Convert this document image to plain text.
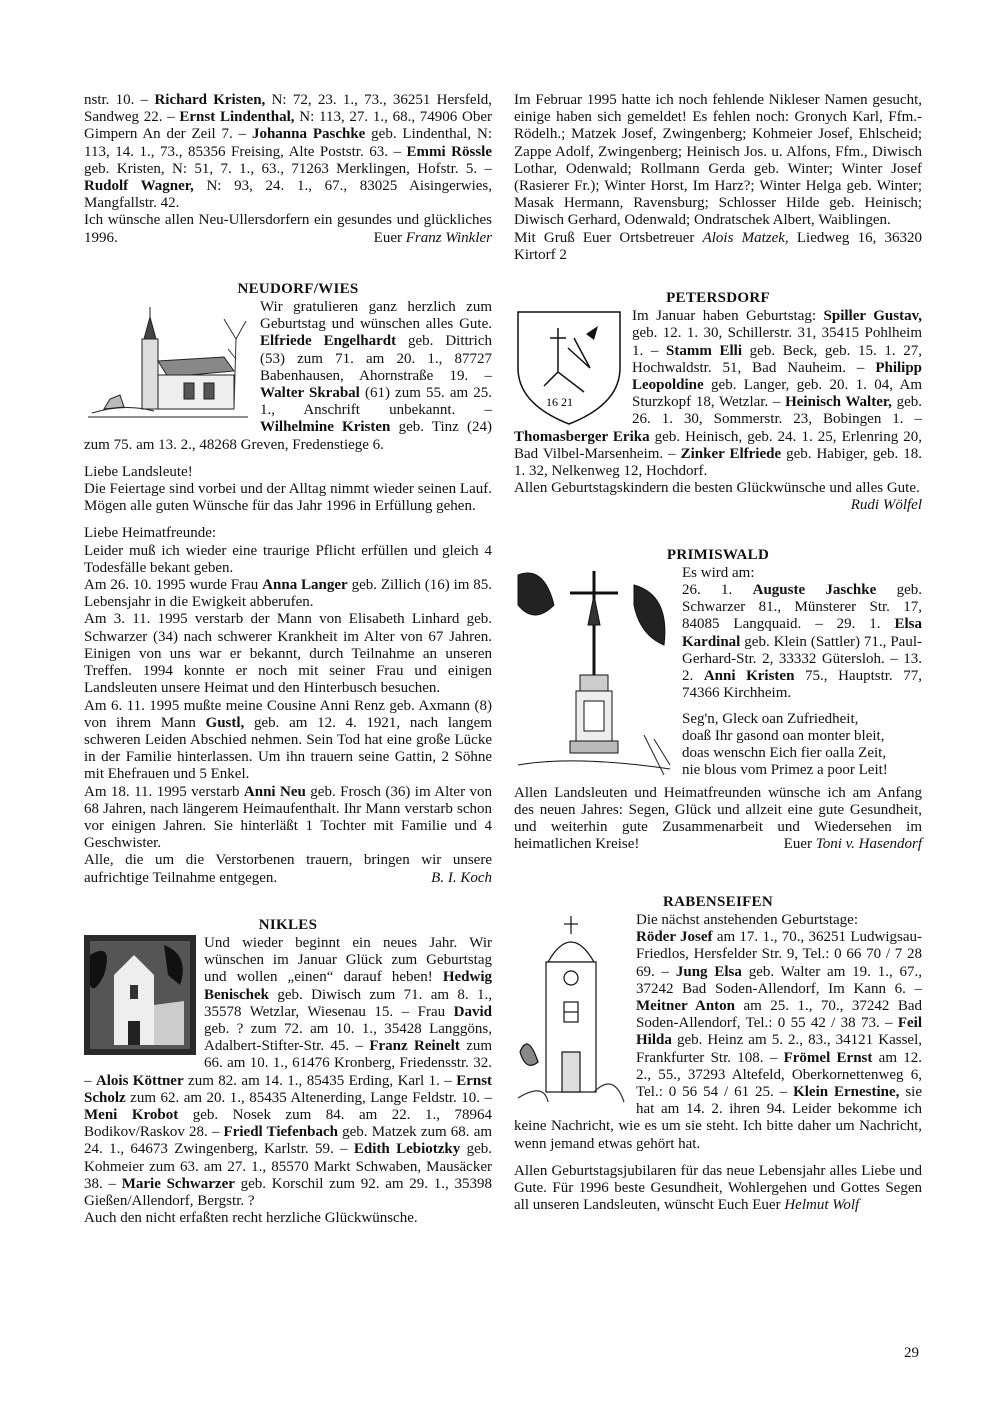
nstr. 10. – Richard Kristen, N: 72, 23. 1., 73., 36251 Hersfeld, Sandweg 22. – Ernst Lindenthal, N: 113, 27. 1., 68., 74906 Ober Gimpern An der Zeil 7. – Johanna Paschke geb. Lindenthal, N: 113, 14. 1., 73., 85356 Freising, Alte Poststr. 63. – Emmi Rössle geb. Kristen, N: 51, 7. 1., 63., 71263 Merklingen, Hofstr. 5. – Rudolf Wagner, N: 93, 24. 1., 67., 83025 Aisingerwies, Mangfallstr. 42.

Ich wünsche allen Neu-Ullersdorfern ein gesundes und glückliches 1996.	Euer Franz Winkler

NEUDORF/WIES

Wir gratulieren ganz herzlich zum Geburtstag und wünschen alles Gute. Elfriede Engelhardt geb. Dittrich (53) zum 71. am 20. 1., 87727 Babenhausen, Ahornstraße 19. – Walter Skrabal (61) zum 55. am 25. 1., Anschrift unbekannt. – Wilhelmine Kristen geb. Tinz (24) zum 75. am 13. 2., 48268 Greven, Fredenstiege 6.

Liebe Landsleute!

Die Feiertage sind vorbei und der Alltag nimmt wieder seinen Lauf. Mögen alle guten Wünsche für das Jahr 1996 in Erfüllung gehen.

Liebe Heimatfreunde:

Leider muß ich wieder eine traurige Pflicht erfüllen und gleich 4 Todesfälle bekant geben.

Am 26. 10. 1995 wurde Frau Anna Langer geb. Zillich (16) im 85. Lebensjahr in die Ewigkeit abberufen.

Am 3. 11. 1995 verstarb der Mann von Elisabeth Linhard geb. Schwarzer (34) nach schwerer Krankheit im Alter von 67 Jahren. Einigen von uns war er bekannt, durch Teilnahme an unseren Treffen. 1994 konnte er noch mit seiner Frau und einigen Landsleuten unsere Heimat und den Hinterbusch besuchen.

Am 6. 11. 1995 mußte meine Cousine Anni Renz geb. Axmann (8) von ihrem Mann Gustl, geb. am 12. 4. 1921, nach langem schweren Leiden Abschied nehmen. Sein Tod hat eine große Lücke in der Familie hinterlassen. Um ihn trauern seine Gattin, 2 Söhne mit Ehefrauen und 5 Enkel.

Am 18. 11. 1995 verstarb Anni Neu geb. Frosch (36) im Alter von 68 Jahren, nach längerem Heimaufenthalt. Ihr Mann verstarb schon vor einigen Jahren. Sie hinterläßt 1 Tochter mit Familie und 4 Geschwister.

Alle, die um die Verstorbenen trauern, bringen wir unsere aufrichtige Teilnahme entgegen.	B. I. Koch

NIKLES

Und wieder beginnt ein neues Jahr. Wir wünschen im Januar Glück zum Geburtstag und wollen „einen“ darauf heben! Hedwig Benischek geb. Diwisch zum 71. am 8. 1., 35578 Wetzlar, Wiesenau 15. – Frau David geb. ? zum 72. am 10. 1., 35428 Langgöns, Adalbert-Stifter-Str. 45. – Franz Reinelt zum 66. am 10. 1., 61476 Kronberg, Friedensstr. 32. – Alois Köttner zum 82. am 14. 1., 85435 Erding, Karl 1. – Ernst Scholz zum 62. am 20. 1., 85435 Altenerding, Lange Feldstr. 10. – Meni Krobot geb. Nosek zum 84. am 22. 1., 78964 Bodikov/Raskov 28. – Friedl Tiefenbach geb. Matzek zum 68. am 24. 1., 64673 Zwingenberg, Karlstr. 59. – Edith Lebiotzky geb. Kohmeier zum 63. am 27. 1., 85570 Markt Schwaben, Mausäcker 38. – Marie Schwarzer geb. Korschil zum 92. am 29. 1., 35398 Gießen/Allendorf, Bergstr. ?

Auch den nicht erfaßten recht herzliche Glückwünsche.

Im Februar 1995 hatte ich noch fehlende Nikleser Namen gesucht, einige haben sich gemeldet! Es fehlen noch: Gronych Karl, Ffm.-Rödelh.; Matzek Josef, Zwingenberg; Kohmeier Josef, Ehlscheid; Zappe Adolf, Zwingenberg; Heinisch Jos. u. Alfons, Ffm., Diwisch Lothar, Odenwald; Rollmann Gerda geb. Winter; Winter Josef (Rasierer Fr.); Winter Horst, Im Harz?; Winter Helga geb. Winter; Masak Hermann, Ravensburg; Schlosser Hilde geb. Heinisch; Diwisch Gerhard, Odenwald; Ondratschek Albert, Waiblingen.

Mit Gruß Euer Ortsbetreuer Alois Matzek, Liedweg 16, 36320 Kirtorf 2

PETERSDORF
16 21

Im Januar haben Geburtstag: Spiller Gustav, geb. 12. 1. 30, Schillerstr. 31, 35415 Pohlheim 1. – Stamm Elli geb. Beck, geb. 15. 1. 27, Hochwaldstr. 51, Bad Nauheim. – Philipp Leopoldine geb. Langer, geb. 20. 1. 04, Am Sturzkopf 18, Wetzlar. – Heinisch Walter, geb. 26. 1. 30, Sommerstr. 23, Bobingen 1. – Thomasberger Erika geb. Heinisch, geb. 24. 1. 25, Erlenring 20, Bad Vilbel-Marsenheim. – Zinker Elfriede geb. Habiger, geb. 18. 1. 32, Nelkenweg 12, Hochdorf.

Allen Geburtstagskindern die besten Glückwünsche und alles Gute.
Rudi Wölfel

PRIMISWALD

Es wird am:
26. 1. Auguste Jaschke geb. Schwarzer 81., Münsterer Str. 17, 84085 Langquaid. – 29. 1. Elsa Kardinal geb. Klein (Sattler) 71., Paul-Gerhard-Str. 2, 33332 Gütersloh. – 13. 2. Anni Kristen 75., Hauptstr. 77, 74366 Kirchheim.

Seg'n, Gleck oan Zufriedheit,
doaß Ihr gasond oan monter bleit,
doas wenschn Eich fier oalla Zeit,
nie blous vom Primez a poor Leit!

Allen Landsleuten und Heimatfreunden wünsche ich am Anfang des neuen Jahres: Segen, Glück und allzeit eine gute Gesundheit, und weiterhin gute Zusammenarbeit und Wiedersehen im heimatlichen Kreise!	Euer Toni v. Hasendorf

RABENSEIFEN

Die nächst anstehenden Geburtstage:
Röder Josef am 17. 1., 70., 36251 Ludwigsau-Friedlos, Hersfelder Str. 9, Tel.: 0 66 70 / 7 28 69. – Jung Elsa geb. Walter am 19. 1., 67., 37242 Bad Soden-Allendorf, Im Kann 6. – Meitner Anton am 25. 1., 70., 37242 Bad Soden-Allendorf, Tel.: 0 55 42 / 38 73. – Feil Hilda geb. Heinz am 5. 2., 83., 34121 Kassel, Frankfurter Str. 108. – Frömel Ernst am 12. 2., 55., 37293 Altefeld, Oberkornettenweg 6, Tel.: 0 56 54 / 61 25. – Klein Ernestine, sie hat am 14. 2. ihren 94. Leider bekomme ich keine Nachricht, wie es um sie steht. Ich bitte daher um Nachricht, wenn jemand etwas gehört hat.

Allen Geburtstagsjubilaren für das neue Lebensjahr alles Liebe und Gute. Für 1996 beste Gesundheit, Wohlergehen und Gottes Segen all unseren Landsleuten, wünscht Euch Euer Helmut Wolf

29
